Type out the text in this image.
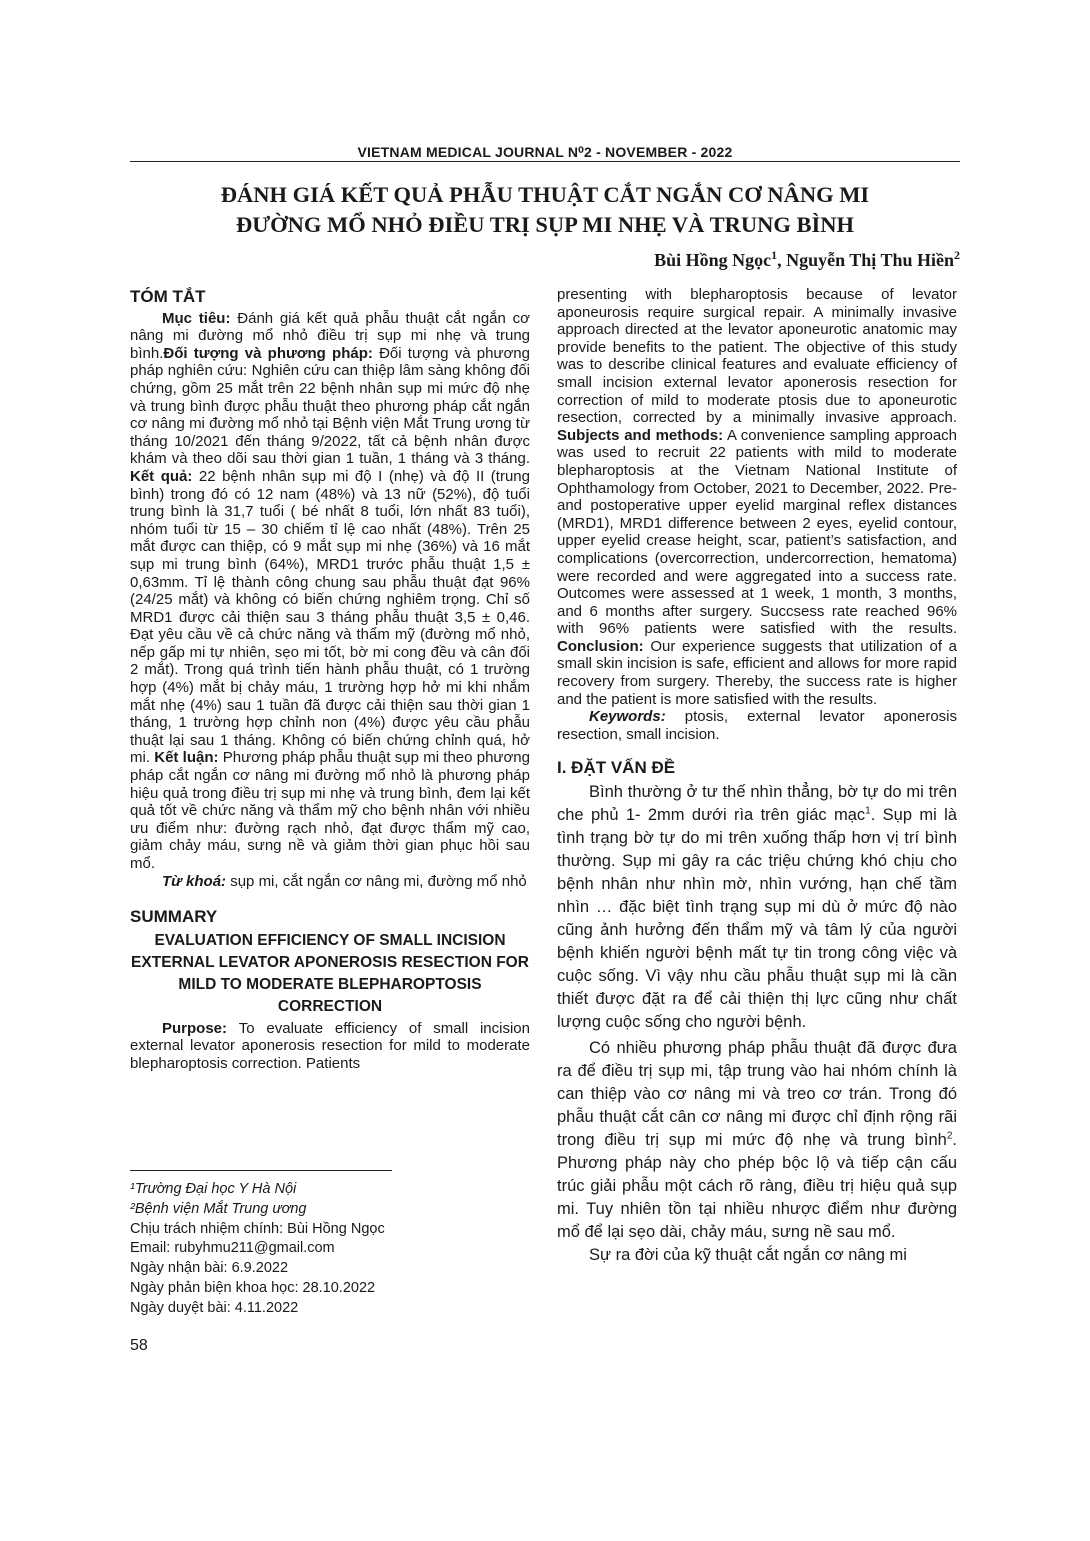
VIETNAM MEDICAL JOURNAL N⁰2 - NOVEMBER - 2022
ĐÁNH GIÁ KẾT QUẢ PHẪU THUẬT CẮT NGẮN CƠ NÂNG MI
ĐƯỜNG MỔ NHỎ ĐIỀU TRỊ SỤP MI NHẸ VÀ TRUNG BÌNH
Bùi Hồng Ngọc$^1$, Nguyễn Thị Thu Hiền$^2$
TÓM TẮT

Mục tiêu: Đánh giá kết quả phẫu thuật cắt ngắn cơ nâng mi đường mổ nhỏ điều trị sụp mi nhẹ và trung bình.Đối tượng và phương pháp: Đối tượng và phương pháp nghiên cứu: Nghiên cứu can thiệp lâm sàng không đối chứng, gồm 25 mắt trên 22 bệnh nhân sụp mi mức độ nhẹ và trung bình được phẫu thuật theo phương pháp cắt ngắn cơ nâng mi đường mổ nhỏ tại Bệnh viện Mắt Trung ương từ tháng 10/2021 đến tháng 9/2022, tất cả bệnh nhân được khám và theo dõi sau thời gian 1 tuần, 1 tháng và 3 tháng. Kết quả: 22 bệnh nhân sụp mi độ I (nhẹ) và độ II (trung bình) trong đó có 12 nam (48%) và 13 nữ (52%), độ tuổi trung bình là 31,7 tuổi ( bé nhất 8 tuổi, lớn nhất 83 tuổi), nhóm tuổi từ 15 – 30 chiếm tỉ lệ cao nhất (48%). Trên 25 mắt được can thiệp, có 9 mắt sụp mi nhẹ (36%) và 16 mắt sụp mi trung bình (64%), MRD1 trước phẫu thuật 1,5 ± 0,63mm. Tỉ lệ thành công chung sau phẫu thuật đạt 96% (24/25 mắt) và không có biến chứng nghiêm trọng. Chỉ số MRD1 được cải thiện sau 3 tháng phẫu thuật 3,5 ± 0,46. Đạt yêu cầu về cả chức năng và thẩm mỹ (đường mổ nhỏ, nếp gấp mi tự nhiên, sẹo mi tốt, bờ mi cong đều và cân đối 2 mắt). Trong quá trình tiến hành phẫu thuật, có 1 trường hợp (4%) mắt bị chảy máu, 1 trường hợp hở mi khi nhắm mắt nhẹ (4%) sau 1 tuần đã được cải thiện sau thời gian 1 tháng, 1 trường hợp chỉnh non (4%) được yêu cầu phẫu thuật lại sau 1 tháng. Không có biến chứng chỉnh quá, hở mi. Kết luận: Phương pháp phẫu thuật sụp mi theo phương pháp cắt ngắn cơ nâng mi đường mổ nhỏ là phương pháp hiệu quả trong điều trị sụp mi nhẹ và trung bình, đem lại kết quả tốt về chức năng và thẩm mỹ cho bệnh nhân với nhiều ưu điểm như: đường rạch nhỏ, đạt được thẩm mỹ cao, giảm chảy máu, sưng nề và giảm thời gian phục hồi sau mổ.

Từ khoá: sụp mi, cắt ngắn cơ nâng mi, đường mổ nhỏ

SUMMARY
EVALUATION EFFICIENCY OF SMALL INCISION EXTERNAL LEVATOR APONEROSIS RESECTION FOR MILD TO MODERATE BLEPHAROPTOSIS CORRECTION

Purpose: To evaluate efficiency of small incision external levator aponerosis resection for mild to moderate blepharoptosis correction. Patients

presenting with blepharoptosis because of levator aponeurosis require surgical repair. A minimally invasive approach directed at the levator aponeurotic anatomic may provide benefits to the patient. The objective of this study was to describe clinical features and evaluate efficiency of small incision external levator aponerosis resection for correction of mild to moderate ptosis due to aponeurotic resection, corrected by a minimally invasive approach. Subjects and methods: A convenience sampling approach was used to recruit 22 patients with mild to moderate blepharoptosis at the Vietnam National Institute of Ophthamology from October, 2021 to December, 2022. Pre- and postoperative upper eyelid marginal reflex distances (MRD1), MRD1 difference between 2 eyes, eyelid contour, upper eyelid crease height, scar, patient’s satisfaction, and complications (overcorrection, undercorrection, hematoma) were recorded and were aggregated into a success rate. Outcomes were assessed at 1 week, 1 month, 3 months, and 6 months after surgery. Succsess rate reached 96% with 96% patients were satisfied with the results. Conclusion: Our experience suggests that utilization of a small skin incision is safe, efficient and allows for more rapid recovery from surgery. Thereby, the success rate is higher and the patient is more satisfied with the results.

Keywords: ptosis, external levator aponerosis resection, small incision.

I. ĐẶT VẤN ĐỀ

Bình thường ở tư thế nhìn thẳng, bờ tự do mi trên che phủ 1- 2mm dưới rìa trên giác mạc$^1$. Sụp mi là tình trạng bờ tự do mi trên xuống thấp hơn vị trí bình thường. Sụp mi gây ra các triệu chứng khó chịu cho bệnh nhân như nhìn mờ, nhìn vướng, hạn chế tầm nhìn … đặc biệt tình trạng sụp mi dù ở mức độ nào cũng ảnh hưởng đến thẩm mỹ và tâm lý của người bệnh khiến người bệnh mất tự tin trong công việc và cuộc sống. Vì vậy nhu cầu phẫu thuật sụp mi là cần thiết được đặt ra để cải thiện thị lực cũng như chất lượng cuộc sống cho người bệnh.

Có nhiều phương pháp phẫu thuật đã được đưa ra để điều trị sụp mi, tập trung vào hai nhóm chính là can thiệp vào cơ nâng mi và treo cơ trán. Trong đó phẫu thuật cắt cân cơ nâng mi được chỉ định rộng rãi trong điều trị sụp mi mức độ nhẹ và trung bình$^2$. Phương pháp này cho phép bộc lộ và tiếp cận cấu trúc giải phẫu một cách rõ ràng, điều trị hiệu quả sụp mi. Tuy nhiên tồn tại nhiều nhược điểm như đường mổ để lại sẹo dài, chảy máu, sưng nề sau mổ.

Sự ra đời của kỹ thuật cắt ngắn cơ nâng mi

¹Trường Đại học Y Hà Nội
²Bệnh viện Mắt Trung ương
Chịu trách nhiệm chính: Bùi Hồng Ngọc
Email: rubyhmu211@gmail.com
Ngày nhận bài: 6.9.2022
Ngày phản biện khoa học: 28.10.2022
Ngày duyệt bài: 4.11.2022
58
